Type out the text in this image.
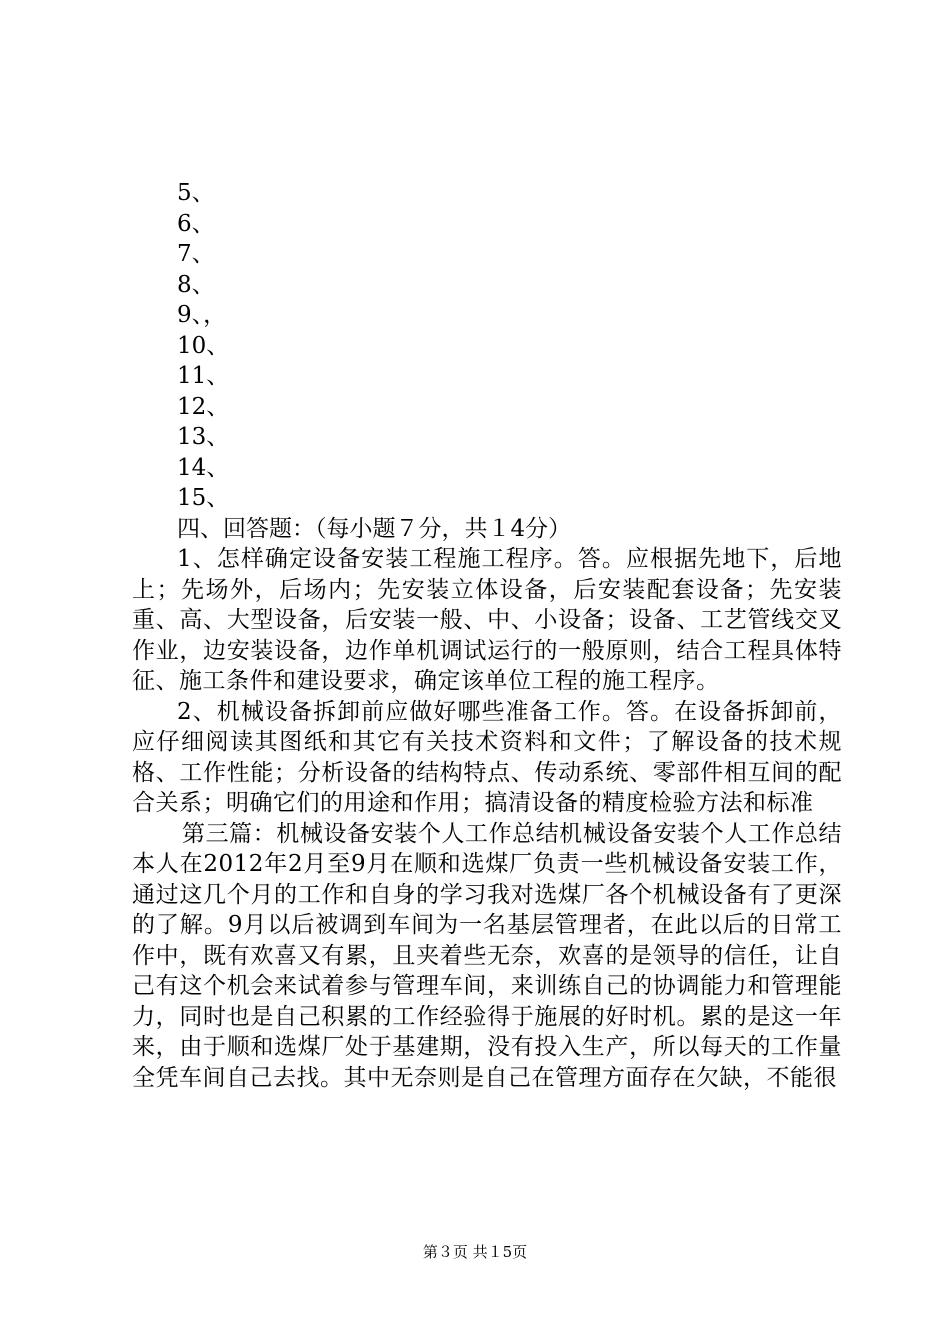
5、
6、
7、
8、
9、，
10、
11、
12、
13、
14、
15、

四、回答题：（每小题７分，共１4分）

1、怎样确定设备安装工程施工程序。答。应根据先地下，后地上；先场外，后场内；先安装立体设备，后安装配套设备；先安装重、高、大型设备，后安装一般、中、小设备；设备、工艺管线交叉作业，边安装设备，边作单机调试运行的一般原则，结合工程具体特征、施工条件和建设要求，确定该单位工程的施工程序。

2、机械设备拆卸前应做好哪些准备工作。答。在设备拆卸前，应仔细阅读其图纸和其它有关技术资料和文件；了解设备的技术规格、工作性能；分析设备的结构特点、传动系统、零部件相互间的配合关系；明确它们的用途和作用；搞清设备的精度检验方法和标准

第三篇：机械设备安装个人工作总结机械设备安装个人工作总结本人在2012年2月至9月在顺和选煤厂负责一些机械设备安装工作，通过这几个月的工作和自身的学习我对选煤厂各个机械设备有了更深的了解。9月以后被调到车间为一名基层管理者，在此以后的日常工作中，既有欢喜又有累，且夹着些无奈，欢喜的是领导的信任，让自己有这个机会来试着参与管理车间，来训练自己的协调能力和管理能力，同时也是自己积累的工作经验得于施展的好时机。累的是这一年来，由于顺和选煤厂处于基建期，没有投入生产，所以每天的工作量全凭车间自己去找。其中无奈则是自己在管理方面存在欠缺，不能很

第３页 共１5页
